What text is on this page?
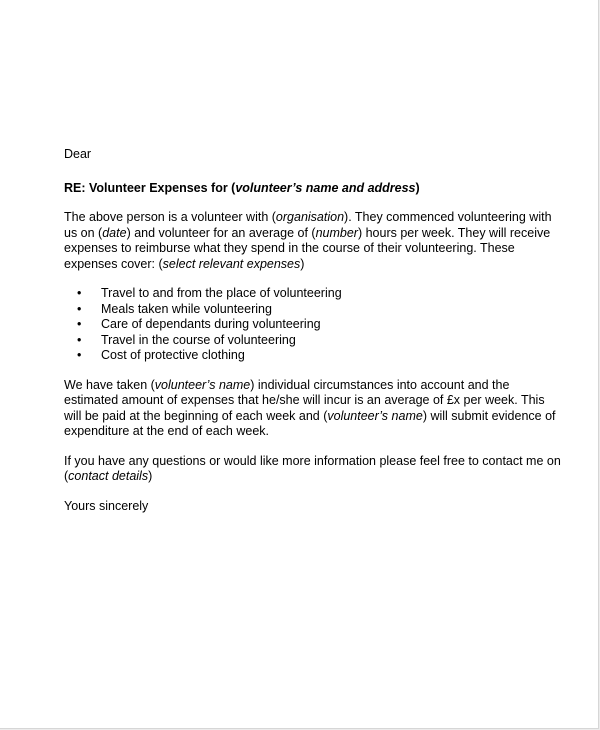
Dear

RE: Volunteer Expenses for (volunteer’s name and address)

The above person is a volunteer with (organisation). They commenced volunteering with us on (date) and volunteer for an average of (number) hours per week. They will receive expenses to reimburse what they spend in the course of their volunteering. These expenses cover: (select relevant expenses)

• Travel to and from the place of volunteering
• Meals taken while volunteering
• Care of dependants during volunteering
• Travel in the course of volunteering
• Cost of protective clothing

We have taken (volunteer’s name) individual circumstances into account and the estimated amount of expenses that he/she will incur is an average of £x per week. This will be paid at the beginning of each week and (volunteer’s name) will submit evidence of expenditure at the end of each week.

If you have any questions or would like more information please feel free to contact me on (contact details)

Yours sincerely
